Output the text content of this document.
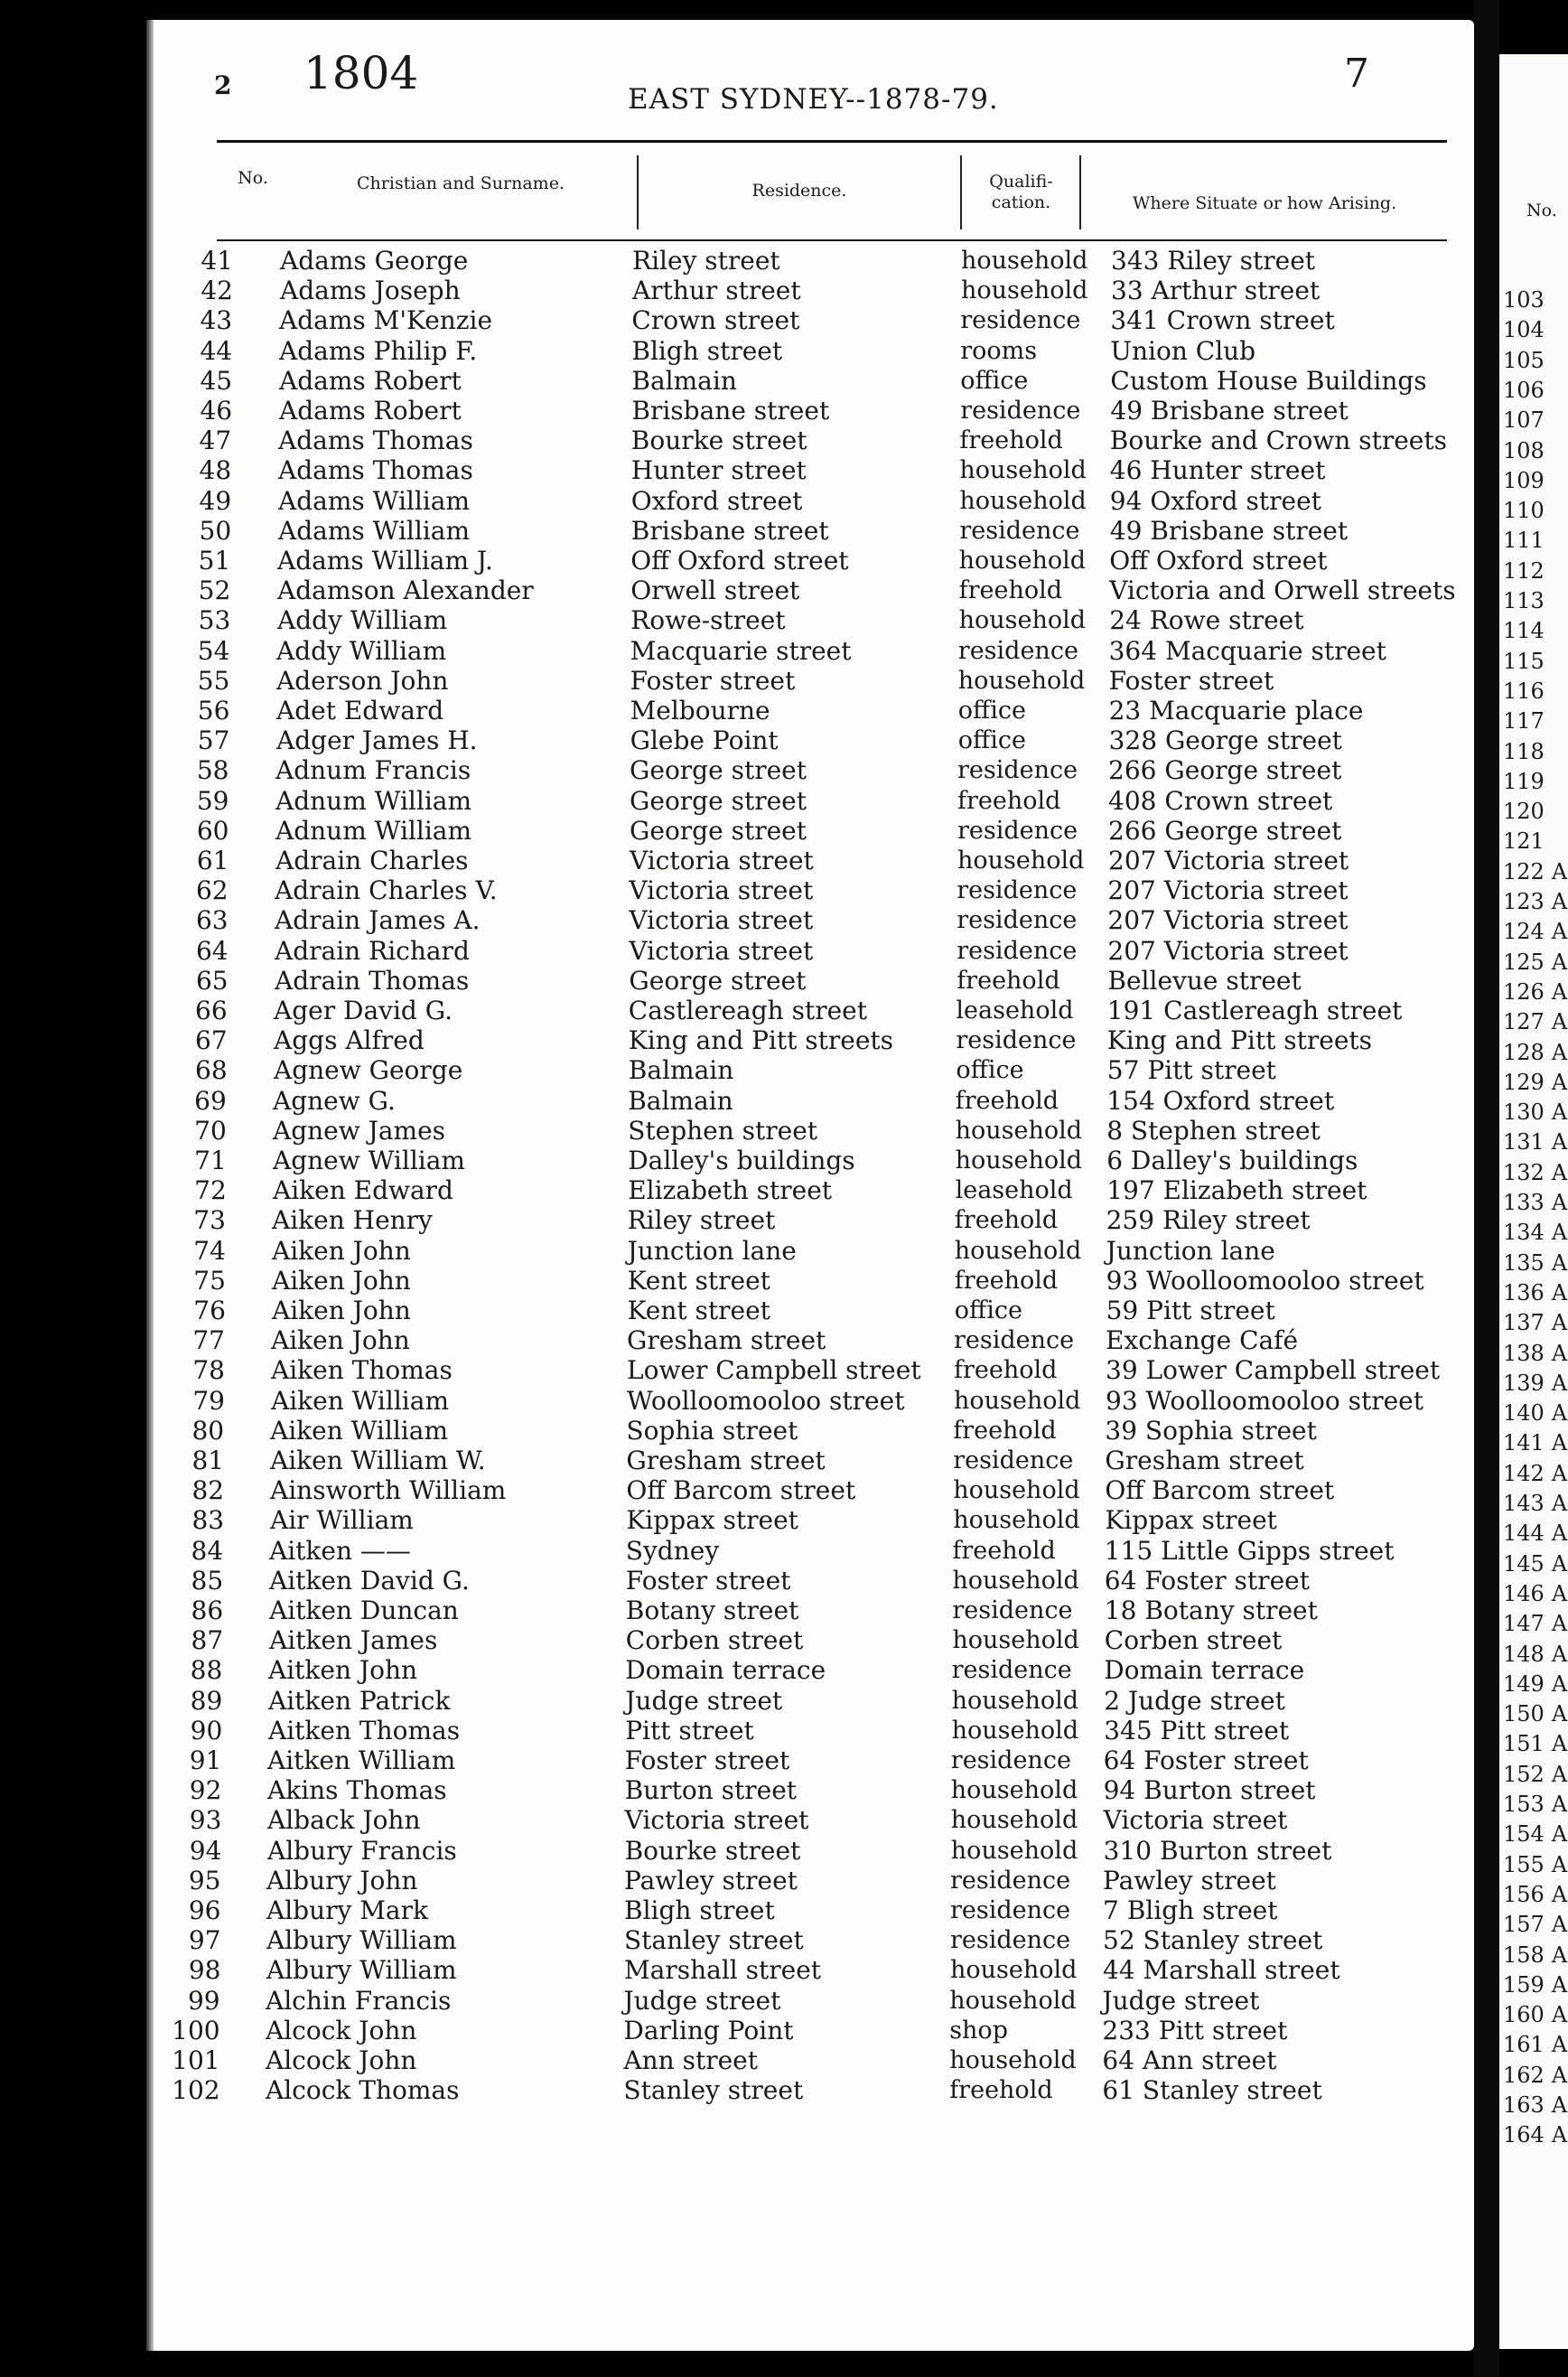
2 1804	EAST SYDNEY--1878-79.
7
No.	Christian and Surname.	Residence.	Qualifi-cation.	Where Situate or how Arising.	No.
41 Adams George	Riley street	household 343 Riley street
42 Adams Joseph	Arthur street	household 33 Arthur street
43 Adams M'Kenzie	Crown street	residence 341 Crown street
44 Adams Philip F.	Bligh street	rooms	Union Club
45 Adams Robert	Balmain	office	Custom House Buildings
46 Adams Robert	Brisbane street	residence 49 Brisbane street
47 Adams Thomas	Bourke street	freehold Bourke and Crown streets
48 Adams Thomas	Hunter street	household 46 Hunter street
49 Adams William	Oxford street	household 94 Oxford street
50 Adams William	Brisbane street	residence 49 Brisbane street
51 Adams William J.	Off Oxford street	household Off Oxford street
52 Adamson Alexander	Orwell street	freehold Victoria and Orwell streets
53 Addy William	Rowe-street	household 24 Rowe street
54 Addy William	Macquarie street	residence 364 Macquarie street
55 Aderson John	Foster street	household Foster street
56 Adet Edward	Melbourne	office	23 Macquarie place
57 Adger James H.	Glebe Point	office	328 George street
58 Adnum Francis	George street	residence 266 George street
59 Adnum William	George street	freehold 408 Crown street
60 Adnum William	George street	residence 266 George street
61 Adrain Charles	Victoria street	household 207 Victoria street
62 Adrain Charles V.	Victoria street	residence 207 Victoria street
63 Adrain James A.	Victoria street	residence 207 Victoria street
64 Adrain Richard	Victoria street	residence 207 Victoria street
65 Adrain Thomas	George street	freehold Bellevue street
66 Ager David G.	Castlereagh street	leasehold 191 Castlereagh street
67 Aggs Alfred	King and Pitt streets	residence King and Pitt streets
68 Agnew George	Balmain	office	57 Pitt street
69 Agnew G.	Balmain	freehold 154 Oxford street
70 Agnew James	Stephen street	household 8 Stephen street
71 Agnew William	Dalley's buildings	household 6 Dalley's buildings
72 Aiken Edward	Elizabeth street	leasehold 197 Elizabeth street
73 Aiken Henry	Riley street	freehold 259 Riley street
74 Aiken John	Junction lane	household Junction lane
75 Aiken John	Kent street	freehold 93 Woolloomooloo street
76 Aiken John	Kent street	office	59 Pitt street
77 Aiken John	Gresham street	residence Exchange Café
78 Aiken Thomas	Lower Campbell street freehold 39 Lower Campbell street
79 Aiken William	Woolloomooloo street household 93 Woolloomooloo street
80 Aiken William	Sophia street	freehold 39 Sophia street
81 Aiken William W.	Gresham street	residence Gresham street
82 Ainsworth William	Off Barcom street	household Off Barcom street
83 Air William	Kippax street	household Kippax street
84 Aitken ——	Sydney	freehold 115 Little Gipps street
85 Aitken David G.	Foster street	household 64 Foster street
86 Aitken Duncan	Botany street	residence 18 Botany street
87 Aitken James	Corben street	household Corben street
88 Aitken John	Domain terrace	residence Domain terrace
89 Aitken Patrick	Judge street	household 2 Judge street
90 Aitken Thomas	Pitt street	household 345 Pitt street
91 Aitken William	Foster street	residence 64 Foster street
92 Akins Thomas	Burton street	household 94 Burton street
93 Alback John	Victoria street	household Victoria street
94 Albury Francis	Bourke street	household 310 Burton street
95 Albury John	Pawley street	residence Pawley street
96 Albury Mark	Bligh street	residence 7 Bligh street
97 Albury William	Stanley street	residence 52 Stanley street
98 Albury William	Marshall street	household 44 Marshall street
99 Alchin Francis	Judge street	household Judge street
100 Alcock John	Darling Point	shop	233 Pitt street
101 Alcock John	Ann street	household 64 Ann street
102 Alcock Thomas	Stanley street	freehold 61 Stanley street
103
104
105
106
107
108
109
110
111
112
113
114
115
116
117
118
119
120
121
122 A
123 A
124 A
125 A
126 A
127 A
128 A
129 A
130 A
131 A
132 A
133 A
134 A
135 A
136 A
137 A
138 A
139 A
140 A
141 A
142 A
143 A
144 A
145 A
146 A
147 A
148 A
149 A
150 A
151 A
152 A
153 A
154 A
155 A
156 A
157 A
158 A
159 A
160 A
161 A
162 A
163 A
164 A
